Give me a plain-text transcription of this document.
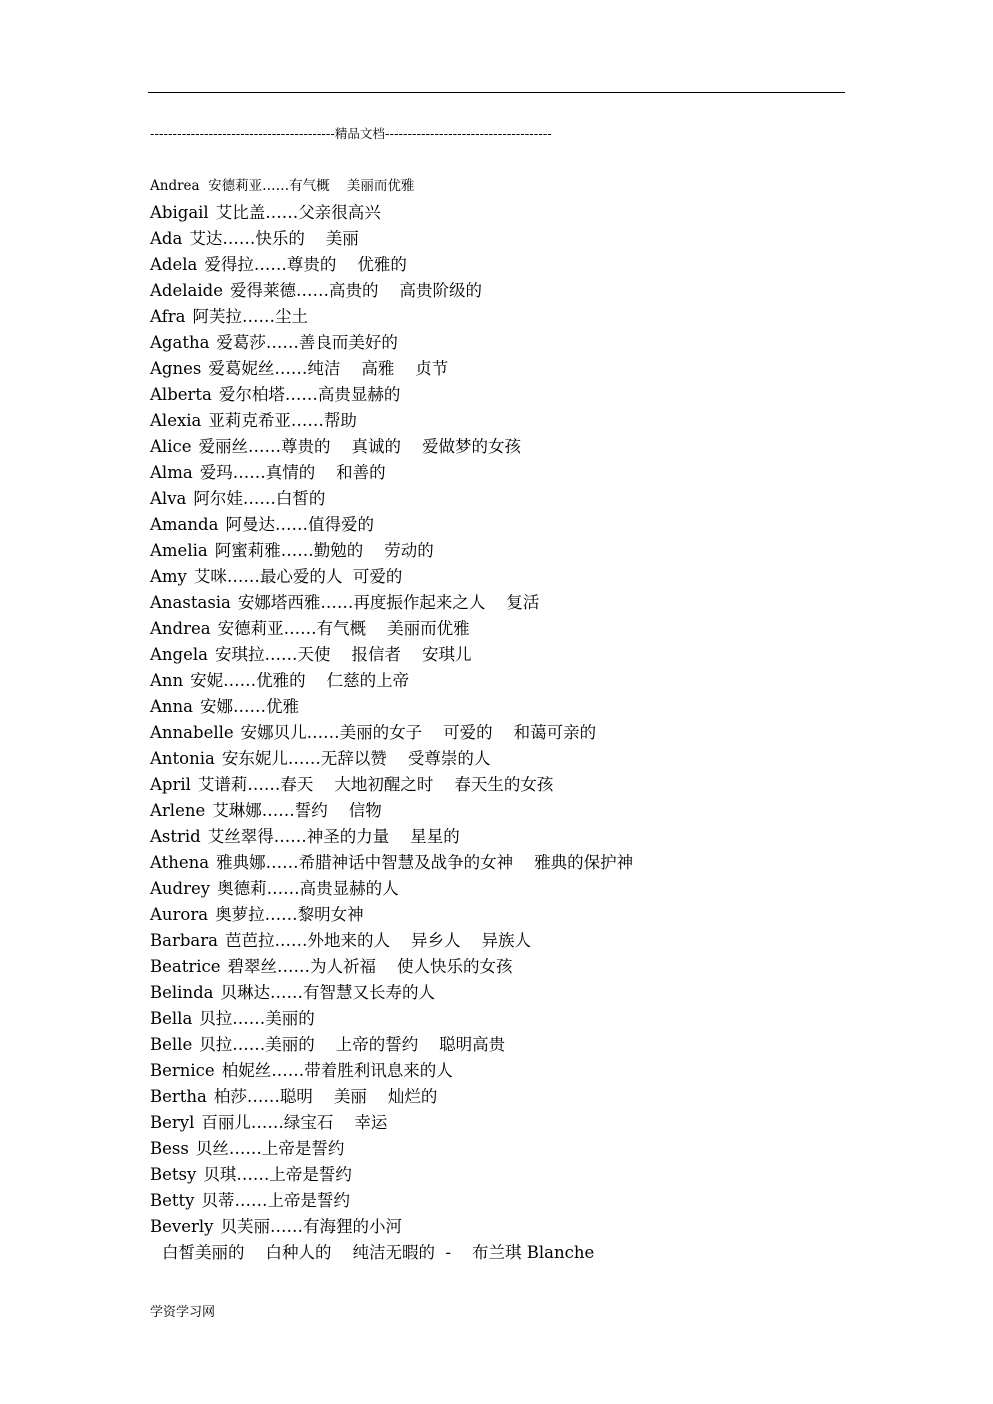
-----------------------------------------精品文档-------------------------------------
Andrea  安德莉亚……有气概    美丽而优雅
Abigail 艾比盖……父亲很高兴
Ada 艾达……快乐的    美丽
Adela 爱得拉……尊贵的    优雅的
Adelaide 爱得莱德……高贵的    高贵阶级的
Afra 阿芙拉……尘土
Agatha 爱葛莎……善良而美好的
Agnes 爱葛妮丝……纯洁    高雅    贞节
Alberta 爱尔柏塔……高贵显赫的
Alexia 亚莉克希亚……帮助
Alice 爱丽丝……尊贵的    真诚的    爱做梦的女孩
Alma 爱玛……真情的    和善的
Alva 阿尔娃……白皙的
Amanda 阿曼达……值得爱的
Amelia 阿蜜莉雅……勤勉的    劳动的
Amy 艾咪……最心爱的人  可爱的
Anastasia 安娜塔西雅……再度振作起来之人    复活
Andrea 安德莉亚……有气概    美丽而优雅
Angela 安琪拉……天使    报信者    安琪儿
Ann 安妮……优雅的    仁慈的上帝
Anna 安娜……优雅
Annabelle 安娜贝儿……美丽的女子    可爱的    和蔼可亲的
Antonia 安东妮儿……无辞以赞    受尊崇的人
April 艾谱莉……春天    大地初醒之时    春天生的女孩
Arlene 艾琳娜……誓约    信物
Astrid 艾丝翠得……神圣的力量    星星的
Athena 雅典娜……希腊神话中智慧及战争的女神    雅典的保护神
Audrey 奥德莉……高贵显赫的人
Aurora 奥萝拉……黎明女神
Barbara 芭芭拉……外地来的人    异乡人    异族人
Beatrice 碧翠丝……为人祈福    使人快乐的女孩
Belinda 贝琳达……有智慧又长寿的人
Bella 贝拉……美丽的
Belle 贝拉……美丽的    上帝的誓约    聪明高贵
Bernice 柏妮丝……带着胜利讯息来的人
Bertha 柏莎……聪明    美丽    灿烂的
Beryl 百丽儿……绿宝石    幸运
Bess 贝丝……上帝是誓约
Betsy 贝琪……上帝是誓约
Betty 贝蒂……上帝是誓约
Beverly 贝芙丽……有海狸的小河
白皙美丽的    白种人的    纯洁无暇的  -    布兰琪 Blanche
学资学习网
